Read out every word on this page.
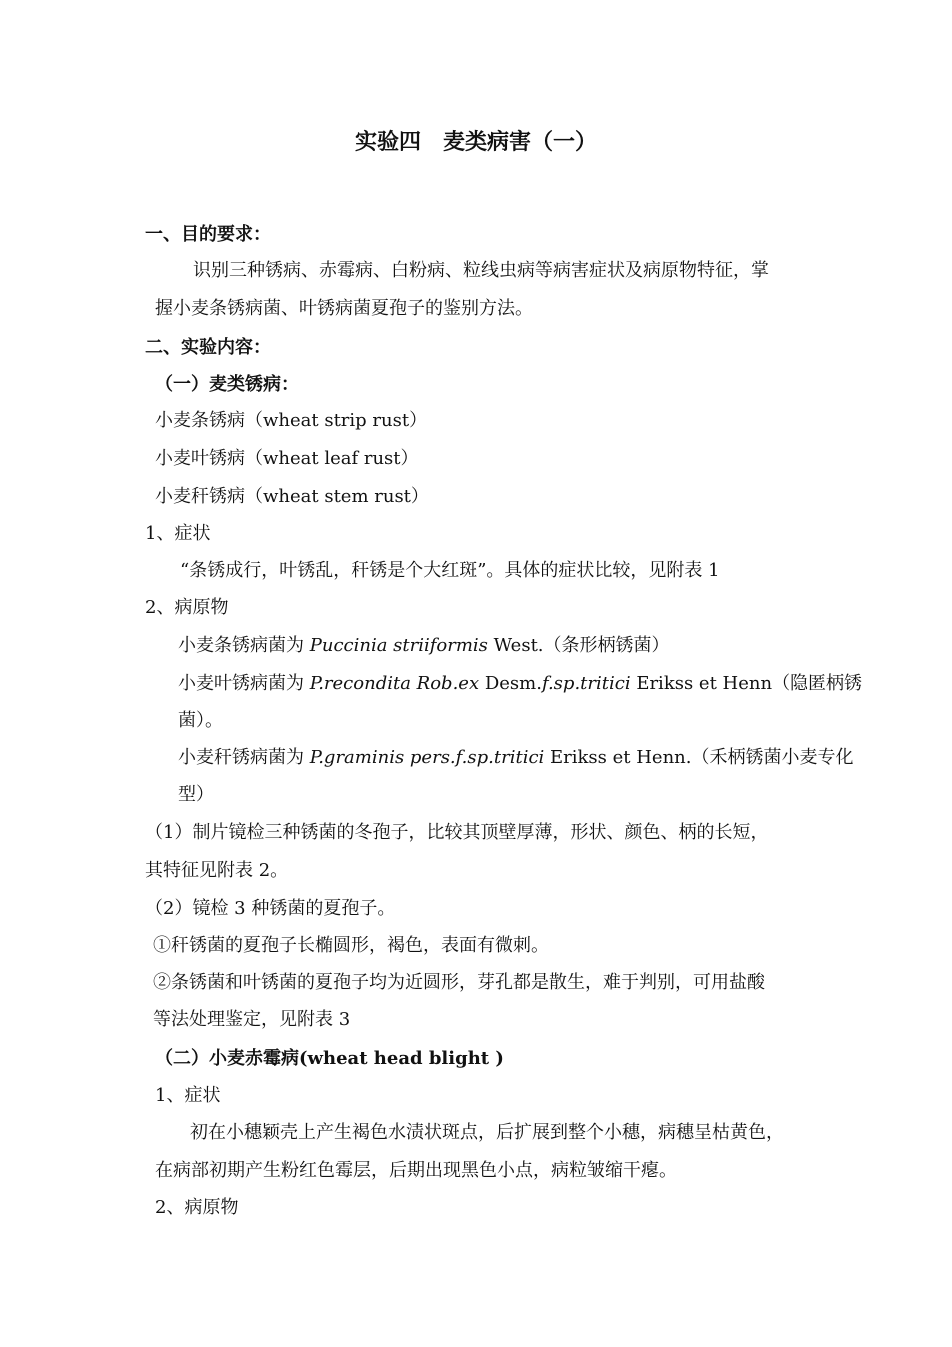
实验四　麦类病害（一）
一、目的要求：
识别三种锈病、赤霉病、白粉病、粒线虫病等病害症状及病原物特征，掌
握小麦条锈病菌、叶锈病菌夏孢子的鉴别方法。
二、实验内容：
（一）麦类锈病：
小麦条锈病（wheat strip rust）
小麦叶锈病（wheat leaf rust）
小麦秆锈病（wheat stem rust）
1、症状
“条锈成行，叶锈乱，秆锈是个大红斑”。具体的症状比较，见附表 1
2、病原物
小麦条锈病菌为 Puccinia striiformis West.（条形柄锈菌）
小麦叶锈病菌为 P.recondita Rob.ex Desm.f.sp.tritici Erikss et Henn（隐匿柄锈
菌）。
小麦秆锈病菌为 P.graminis pers.f.sp.tritici Erikss et Henn.（禾柄锈菌小麦专化
型）
（1）制片镜检三种锈菌的冬孢子，比较其顶壁厚薄，形状、颜色、柄的长短，
其特征见附表 2。
（2）镜检 3 种锈菌的夏孢子。
①秆锈菌的夏孢子长椭圆形，褐色，表面有微刺。
②条锈菌和叶锈菌的夏孢子均为近圆形，芽孔都是散生，难于判别，可用盐酸
等法处理鉴定，见附表 3
（二）小麦赤霉病(wheat head blight )
1、症状
初在小穗颖壳上产生褐色水渍状斑点，后扩展到整个小穗，病穗呈枯黄色，
在病部初期产生粉红色霉层，后期出现黑色小点，病粒皱缩干瘪。
2、病原物
